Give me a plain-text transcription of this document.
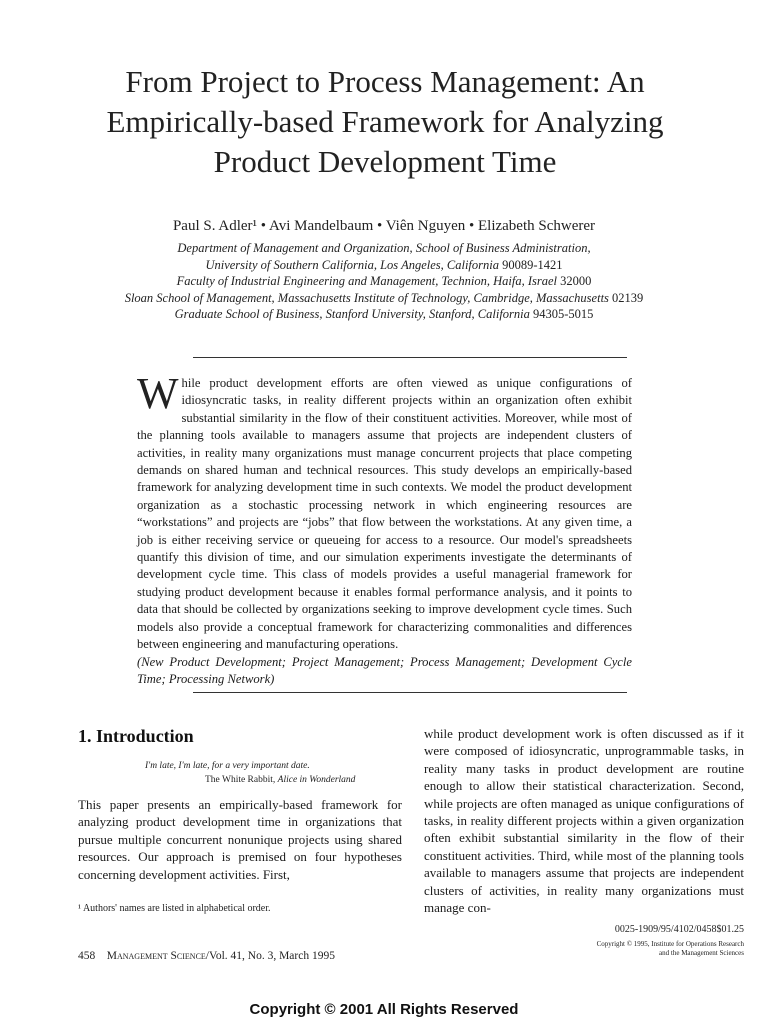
From Project to Process Management: An
Empirically-based Framework for Analyzing
Product Development Time
Paul S. Adler¹ • Avi Mandelbaum • Viên Nguyen • Elizabeth Schwerer
Department of Management and Organization, School of Business Administration,
University of Southern California, Los Angeles, California 90089-1421
Faculty of Industrial Engineering and Management, Technion, Haifa, Israel 32000
Sloan School of Management, Massachusetts Institute of Technology, Cambridge, Massachusetts 02139
Graduate School of Business, Stanford University, Stanford, California 94305-5015
While product development efforts are often viewed as unique configurations of idiosyncratic tasks, in reality different projects within an organization often exhibit substantial similarity in the flow of their constituent activities. Moreover, while most of the planning tools available to managers assume that projects are independent clusters of activities, in reality many organizations must manage concurrent projects that place competing demands on shared human and technical resources. This study develops an empirically-based framework for analyzing development time in such contexts. We model the product development organization as a stochastic processing network in which engineering resources are “workstations” and projects are “jobs” that flow between the workstations. At any given time, a job is either receiving service or queueing for access to a resource. Our model's spreadsheets quantify this division of time, and our simulation experiments investigate the determinants of development cycle time. This class of models provides a useful managerial framework for studying product development because it enables formal performance analysis, and it points to data that should be collected by organizations seeking to improve development cycle times. Such models also provide a conceptual framework for characterizing commonalities and differences between engineering and manufacturing operations.
(New Product Development; Project Management; Process Management; Development Cycle Time; Processing Network)
1. Introduction
I'm late, I'm late, for a very important date.
The White Rabbit, Alice in Wonderland
This paper presents an empirically-based framework for analyzing product development time in organizations that pursue multiple concurrent nonunique projects using shared resources. Our approach is premised on four hypotheses concerning development activities. First,
while product development work is often discussed as if it were composed of idiosyncratic, unprogrammable tasks, in reality many tasks in product development are routine enough to allow their statistical characterization. Second, while projects are often managed as unique configurations of tasks, in reality different projects within a given organization often exhibit substantial similarity in the flow of their constituent activities. Third, while most of the planning tools available to managers assume that projects are independent clusters of activities, in reality many organizations must manage con-
¹ Authors' names are listed in alphabetical order.
0025-1909/95/4102/0458$01.25
Copyright © 1995, Institute for Operations Research
and the Management Sciences
458 Management Science/Vol. 41, No. 3, March 1995
Copyright © 2001 All Rights Reserved
